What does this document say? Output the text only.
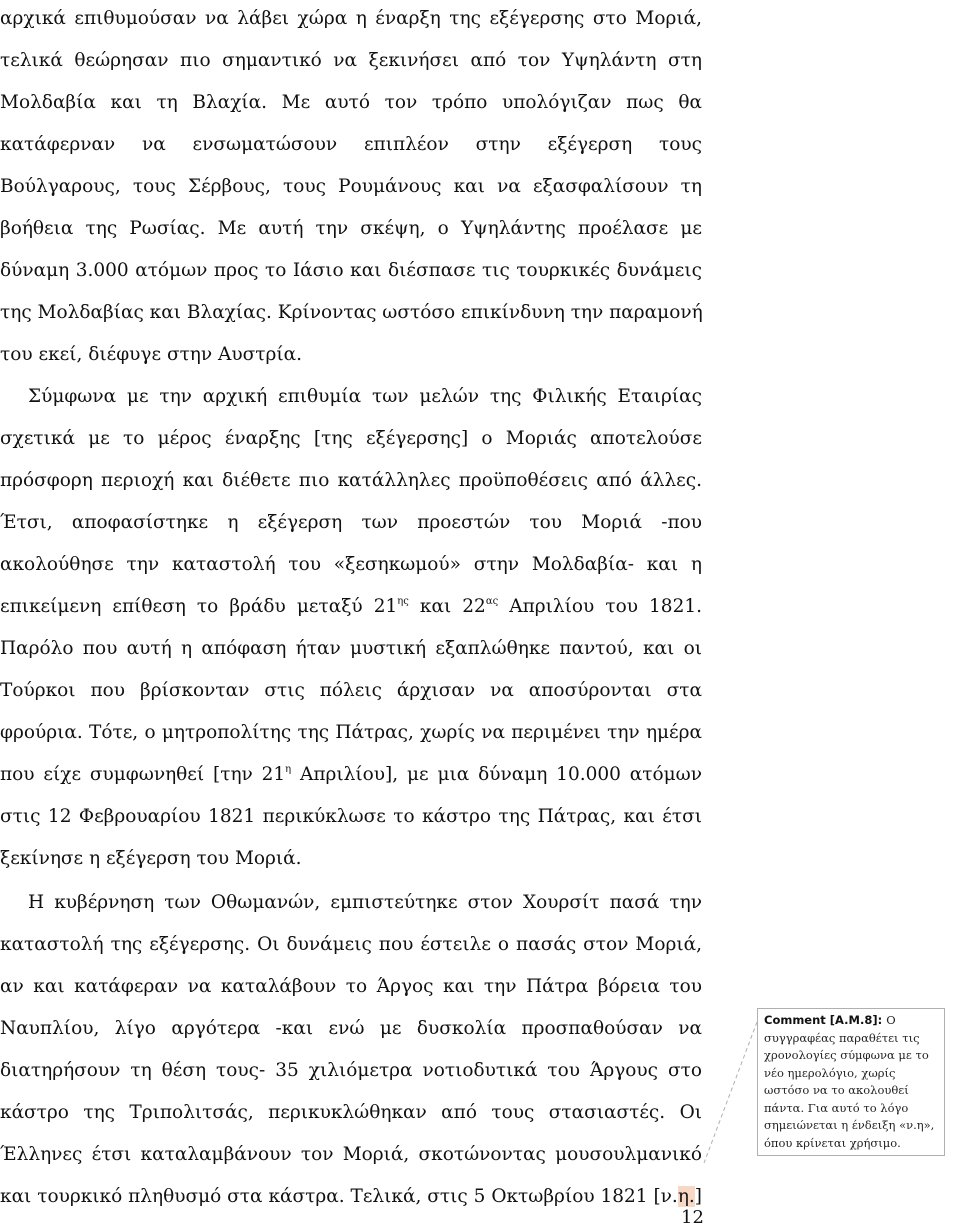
αρχικά επιθυμούσαν να λάβει χώρα η έναρξη της εξέγερσης στο Μοριά,
τελικά θεώρησαν πιο σημαντικό να ξεκινήσει από τον Υψηλάντη στη
Μολδαβία και τη Βλαχία. Με αυτό τον τρόπο υπολόγιζαν πως θα
κατάφερναν να ενσωματώσουν επιπλέον στην εξέγερση τους
Βούλγαρους, τους Σέρβους, τους Ρουμάνους και να εξασφαλίσουν τη
βοήθεια της Ρωσίας. Με αυτή την σκέψη, ο Υψηλάντης προέλασε με
δύναμη 3.000 ατόμων προς το Ιάσιο και διέσπασε τις τουρκικές δυνάμεις
της Μολδαβίας και Βλαχίας. Κρίνοντας ωστόσο επικίνδυνη την παραμονή
του εκεί, διέφυγε στην Αυστρία.
Σύμφωνα με την αρχική επιθυμία των μελών της Φιλικής Εταιρίας
σχετικά με το μέρος έναρξης [της εξέγερσης] ο Μοριάς αποτελούσε
πρόσφορη περιοχή και διέθετε πιο κατάλληλες προϋποθέσεις από άλλες.
Έτσι, αποφασίστηκε η εξέγερση των προεστών του Μοριά -που
ακολούθησε την καταστολή του «ξεσηκωμού» στην Μολδαβία- και η
επικείμενη επίθεση το βράδυ μεταξύ $21^{\eta\varsigma}$ και $22^{\alpha\varsigma}$ Απριλίου του 1821.
Παρόλο που αυτή η απόφαση ήταν μυστική εξαπλώθηκε παντού, και οι
Τούρκοι που βρίσκονταν στις πόλεις άρχισαν να αποσύρονται στα
φρούρια. Τότε, ο μητροπολίτης της Πάτρας, χωρίς να περιμένει την ημέρα
που είχε συμφωνηθεί [την $21^\eta$ Απριλίου], με μια δύναμη 10.000 ατόμων
στις 12 Φεβρουαρίου 1821 περικύκλωσε το κάστρο της Πάτρας, και έτσι
ξεκίνησε η εξέγερση του Μοριά.
Η κυβέρνηση των Οθωμανών, εμπιστεύτηκε στον Χουρσίτ πασά την
καταστολή της εξέγερσης. Οι δυνάμεις που έστειλε ο πασάς στον Μοριά,
αν και κατάφεραν να καταλάβουν το Άργος και την Πάτρα βόρεια του
Ναυπλίου, λίγο αργότερα -και ενώ με δυσκολία προσπαθούσαν να
διατηρήσουν τη θέση τους- 35 χιλιόμετρα νοτιοδυτικά του Άργους στο
κάστρο της Τριπολιτσάς, περικυκλώθηκαν από τους στασιαστές. Οι
Έλληνες έτσι καταλαμβάνουν τον Μοριά, σκοτώνοντας μουσουλμανικό
και τουρκικό πληθυσμό στα κάστρα. Τελικά, στις 5 Οκτωβρίου 1821 [ν.η.]
Comment [A.M.8]: Ο συγγραφέας παραθέτει τις χρονολογίες σύμφωνα με το νέο ημερολόγιο, χωρίς ωστόσο να το ακολουθεί πάντα. Για αυτό το λόγο σημειώνεται η ένδειξη «ν.η», όπου κρίνεται χρήσιμο.
12
